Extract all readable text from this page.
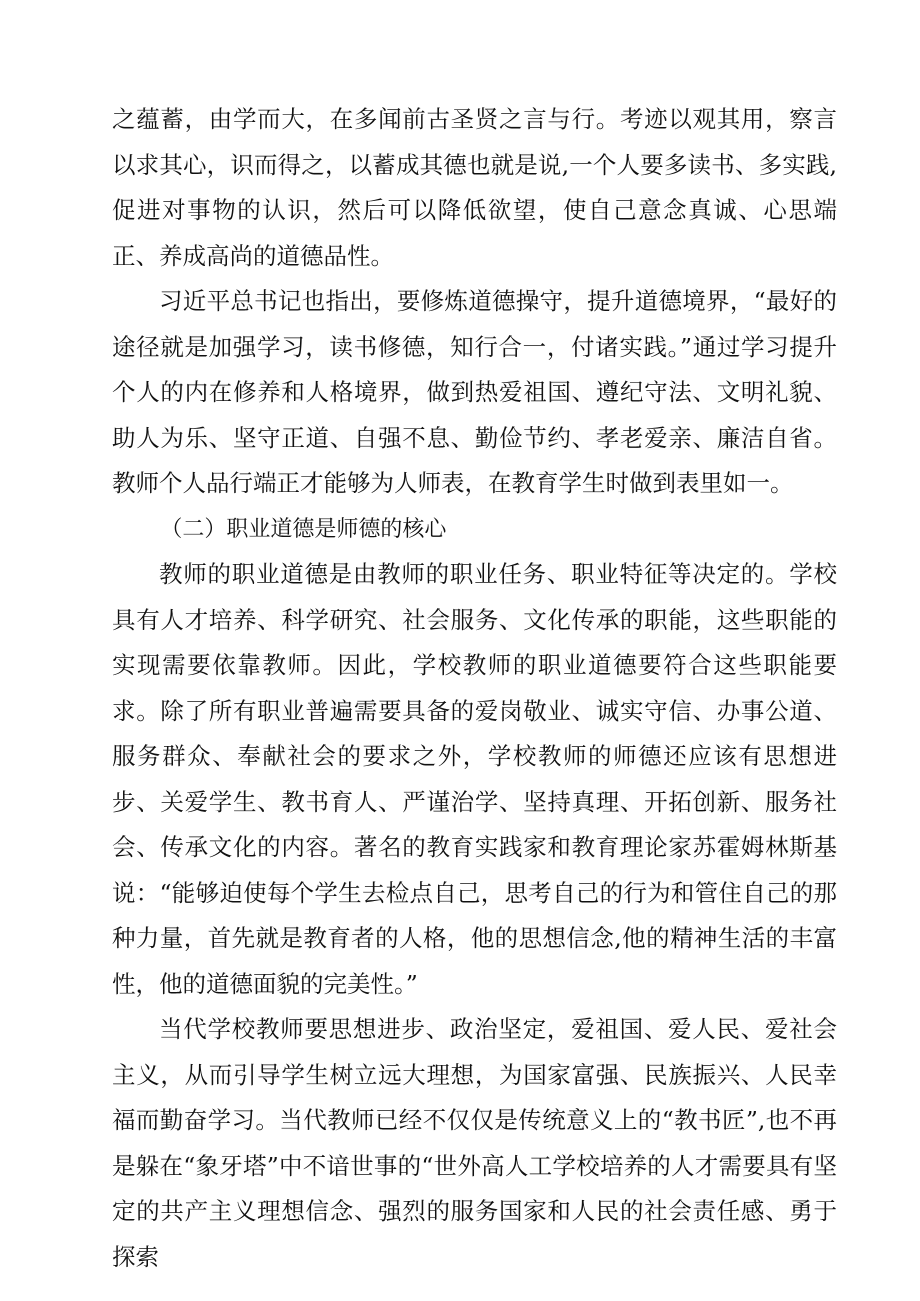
之蕴蓄，由学而大，在多闻前古圣贤之言与行。考迹以观其用，察言以求其心，识而得之，以蓄成其德也就是说,一个人要多读书、多实践,促进对事物的认识，然后可以降低欲望，使自己意念真诚、心思端正、养成高尚的道德品性。

习近平总书记也指出，要修炼道德操守，提升道德境界，“最好的途径就是加强学习，读书修德，知行合一，付诸实践。”通过学习提升个人的内在修养和人格境界，做到热爱祖国、遵纪守法、文明礼貌、助人为乐、坚守正道、自强不息、勤俭节约、孝老爱亲、廉洁自省。教师个人品行端正才能够为人师表，在教育学生时做到表里如一。

（二）职业道德是师德的核心

教师的职业道德是由教师的职业任务、职业特征等决定的。学校具有人才培养、科学研究、社会服务、文化传承的职能，这些职能的实现需要依靠教师。因此，学校教师的职业道德要符合这些职能要求。除了所有职业普遍需要具备的爱岗敬业、诚实守信、办事公道、服务群众、奉献社会的要求之外，学校教师的师德还应该有思想进步、关爱学生、教书育人、严谨治学、坚持真理、开拓创新、服务社会、传承文化的内容。著名的教育实践家和教育理论家苏霍姆林斯基说：“能够迫使每个学生去检点自己，思考自己的行为和管住自己的那种力量，首先就是教育者的人格，他的思想信念,他的精神生活的丰富性，他的道德面貌的完美性。”

当代学校教师要思想进步、政治坚定，爱祖国、爱人民、爱社会主义，从而引导学生树立远大理想，为国家富强、民族振兴、人民幸福而勤奋学习。当代教师已经不仅仅是传统意义上的“教书匠”,也不再是躲在“象牙塔”中不谙世事的“世外高人工学校培养的人才需要具有坚定的共产主义理想信念、强烈的服务国家和人民的社会责任感、勇于探索
